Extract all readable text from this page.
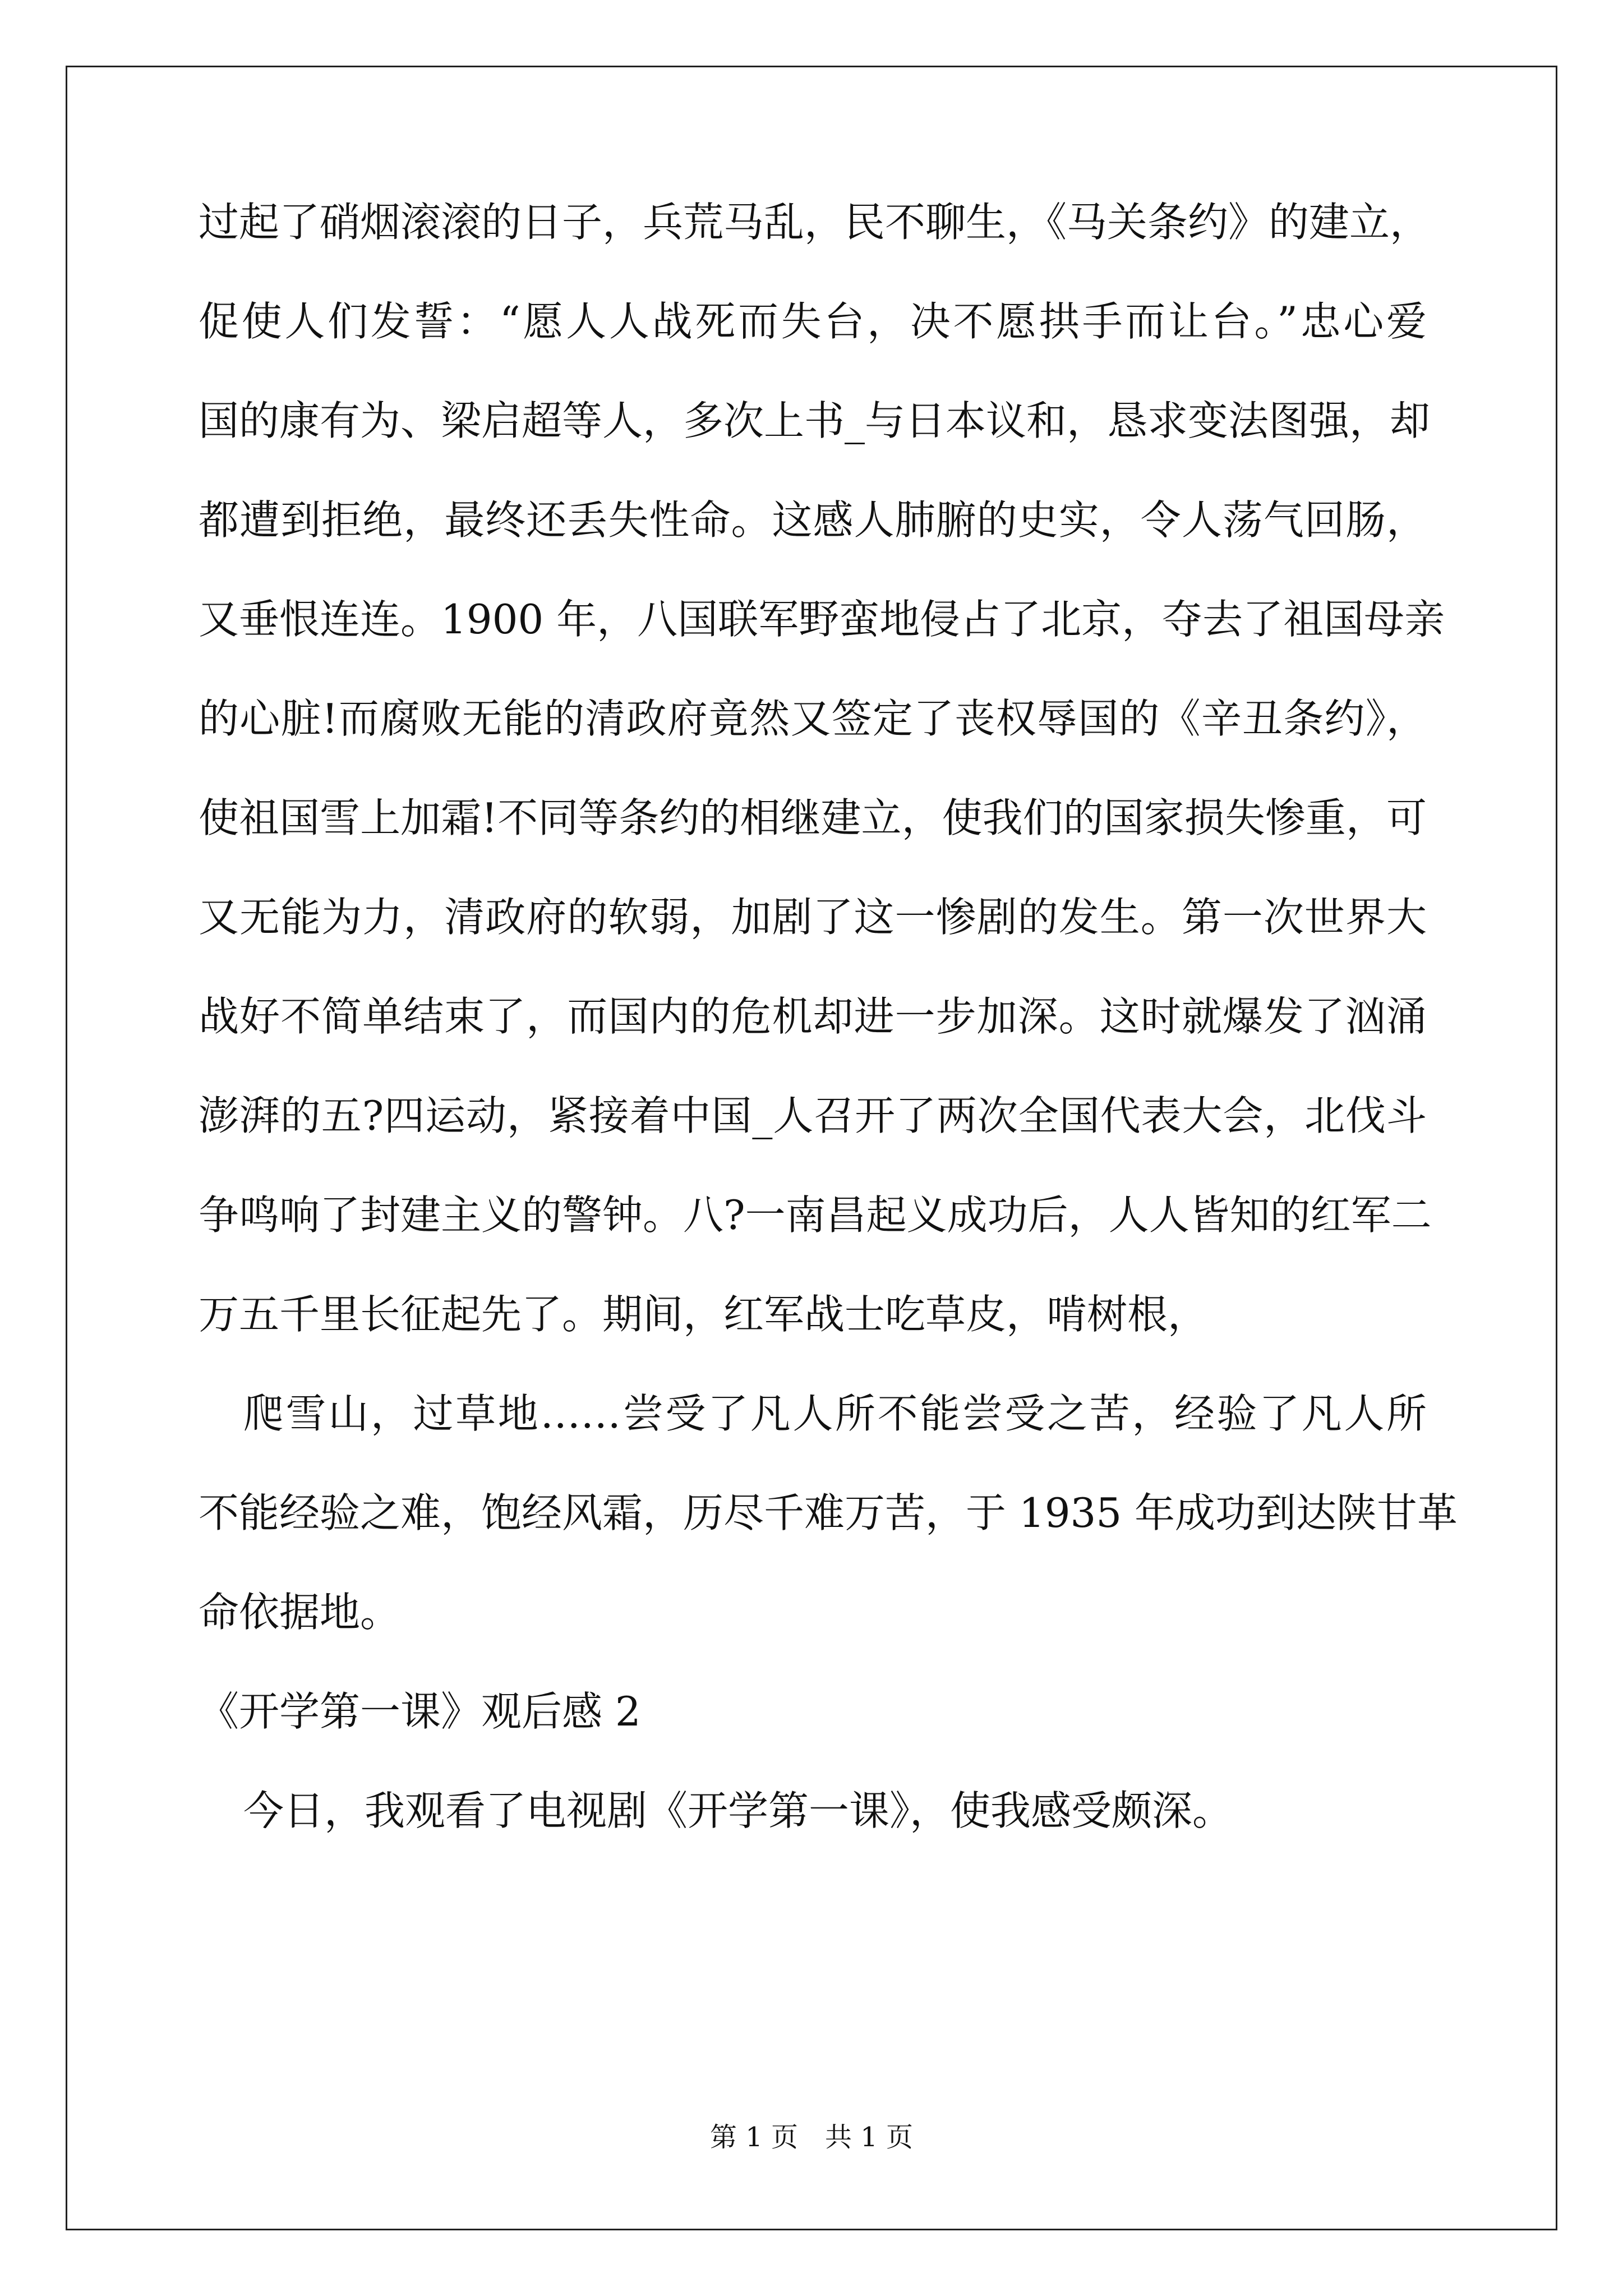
过起了硝烟滚滚的日子，兵荒马乱，民不聊生，《马关条约》的建立，
促使人们发誓：“愿人人战死而失台，决不愿拱手而让台。”忠心爱
国的康有为、梁启超等人，多次上书_与日本议和，恳求变法图强，却
都遭到拒绝，最终还丢失性命。这感人肺腑的史实，令人荡气回肠，
又垂恨连连。1900 年，八国联军野蛮地侵占了北京，夺去了祖国母亲
的心脏!而腐败无能的清政府竟然又签定了丧权辱国的《辛丑条约》，
使祖国雪上加霜!不同等条约的相继建立，使我们的国家损失惨重，可
又无能为力，清政府的软弱，加剧了这一惨剧的发生。第一次世界大
战好不简单结束了，而国内的危机却进一步加深。这时就爆发了汹涌
澎湃的五?四运动，紧接着中国_人召开了两次全国代表大会，北伐斗
争鸣响了封建主义的警钟。八?一南昌起义成功后，人人皆知的红军二
万五千里长征起先了。期间，红军战士吃草皮，啃树根，
爬雪山，过草地……尝受了凡人所不能尝受之苦，经验了凡人所
不能经验之难，饱经风霜，历尽千难万苦，于 1935 年成功到达陕甘革
命依据地。
《开学第一课》观后感 2
今日，我观看了电视剧《开学第一课》，使我感受颇深。
第 1 页　共 1 页
